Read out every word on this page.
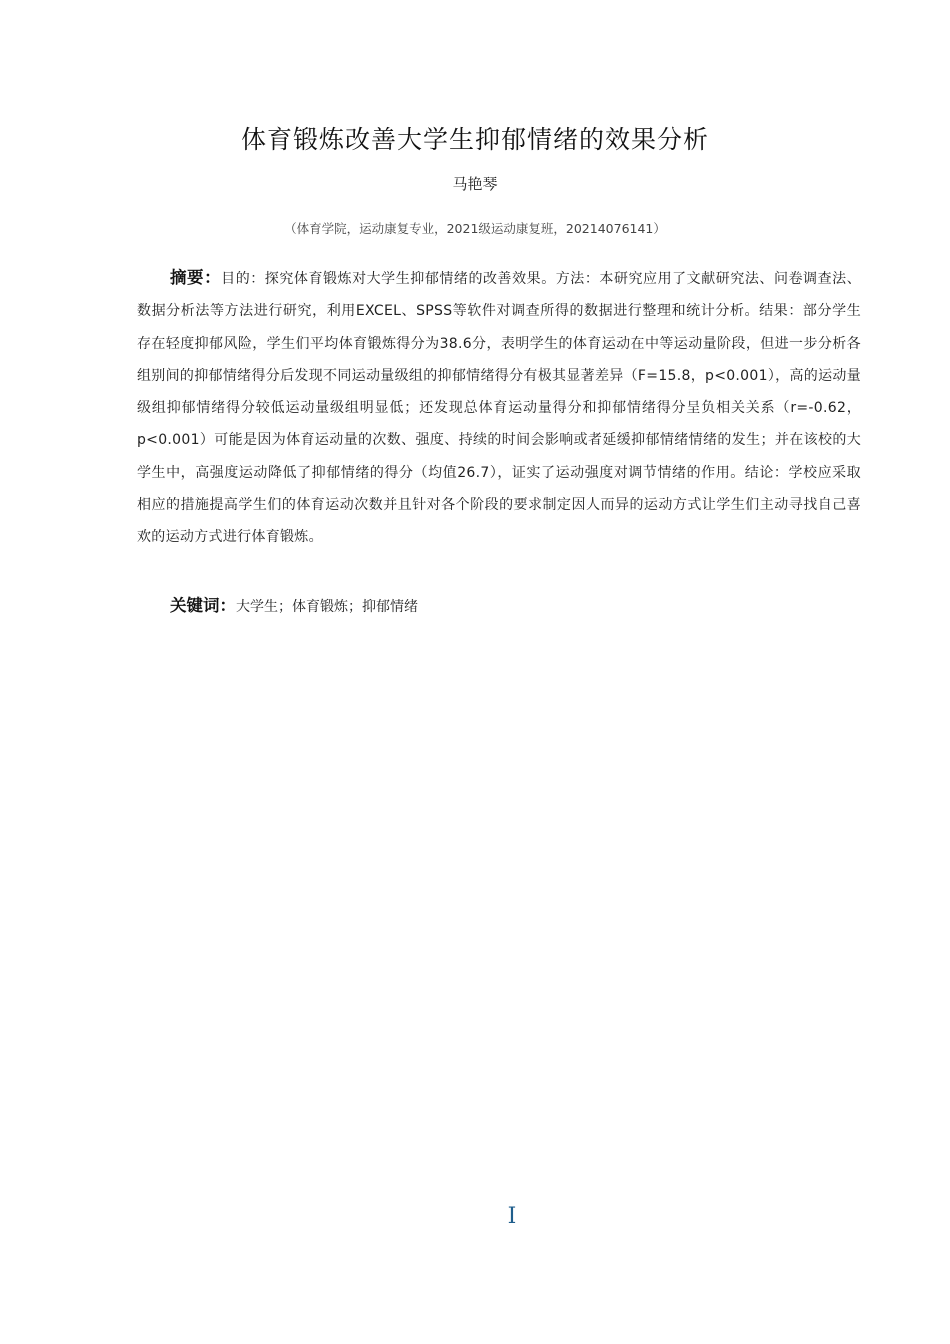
体育锻炼改善大学生抑郁情绪的效果分析
马艳琴
（体育学院，运动康复专业，2021级运动康复班，20214076141）
摘要：目的：探究体育锻炼对大学生抑郁情绪的改善效果。方法：本研究应用了文献研究法、问卷调查法、数据分析法等方法进行研究，利用EXCEL、SPSS等软件对调查所得的数据进行整理和统计分析。结果：部分学生存在轻度抑郁风险，学生们平均体育锻炼得分为38.6分，表明学生的体育运动在中等运动量阶段，但进一步分析各组别间的抑郁情绪得分后发现不同运动量级组的抑郁情绪得分有极其显著差异（F=15.8，p<0.001），高的运动量级组抑郁情绪得分较低运动量级组明显低；还发现总体育运动量得分和抑郁情绪得分呈负相关关系（r=-0.62，p<0.001）可能是因为体育运动量的次数、强度、持续的时间会影响或者延缓抑郁情绪情绪的发生；并在该校的大学生中，高强度运动降低了抑郁情绪的得分（均值26.7），证实了运动强度对调节情绪的作用。结论：学校应采取相应的措施提高学生们的体育运动次数并且针对各个阶段的要求制定因人而异的运动方式让学生们主动寻找自己喜欢的运动方式进行体育锻炼。
关键词：大学生；体育锻炼；抑郁情绪
I
